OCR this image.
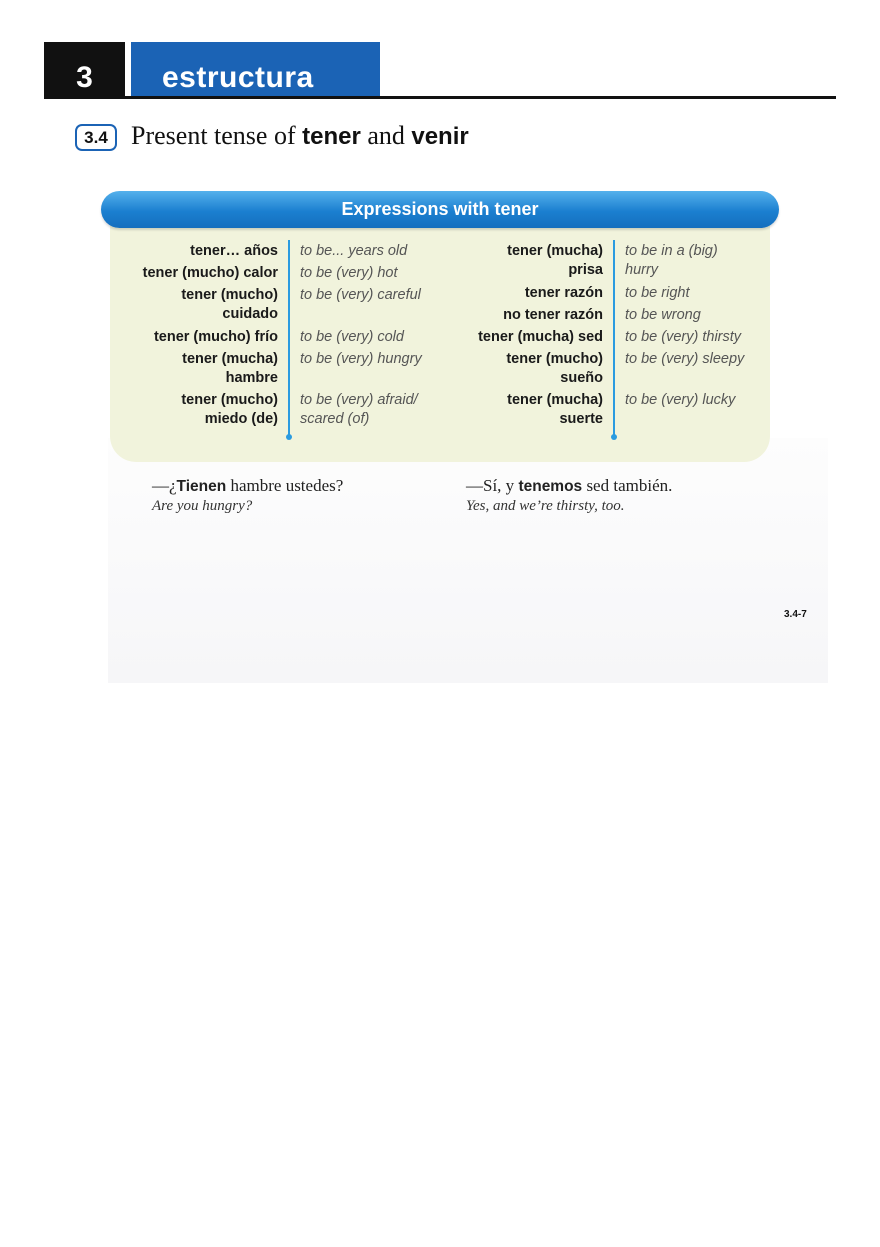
3	estructura
3.4 Present tense of tener and venir
Expressions with tener
tener… años to be... years old
tener (mucho) calor to be (very) hot
tener (mucho)
cuidado
to be (very) careful
tener (mucho) frío to be (very) cold
tener (mucha)
hambre
to be (very) hungry
tener (mucho)
miedo (de)
to be (very) afraid/
scared (of)
tener (mucha)
prisa
to be in a (big)
hurry
tener razón to be right
no tener razón to be wrong
tener (mucha) sed to be (very) thirsty
tener (mucho)
sueño
to be (very) sleepy
tener (mucha)
suerte
to be (very) lucky
—¿Tienen hambre ustedes?
Are you hungry?
—Sí, y tenemos sed también.
Yes, and we’re thirsty, too.
3.4-7
